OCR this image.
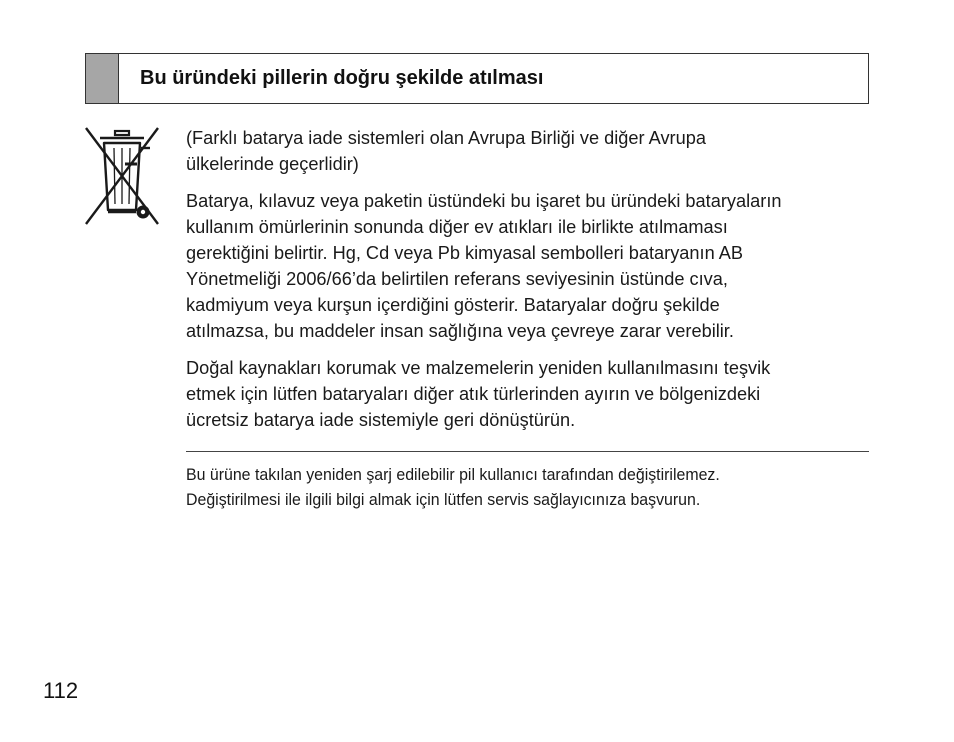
Bu üründeki pillerin doğru şekilde atılması

(Farklı batarya iade sistemleri olan Avrupa Birliği ve diğer Avrupa
ülkelerinde geçerlidir)

Batarya, kılavuz veya paketin üstündeki bu işaret bu üründeki bataryaların
kullanım ömürlerinin sonunda diğer ev atıkları ile birlikte atılmaması
gerektiğini belirtir. Hg, Cd veya Pb kimyasal sembolleri bataryanın AB
Yönetmeliği 2006/66’da belirtilen referans seviyesinin üstünde cıva,
kadmiyum veya kurşun içerdiğini gösterir. Bataryalar doğru şekilde
atılmazsa, bu maddeler insan sağlığına veya çevreye zarar verebilir.

Doğal kaynakları korumak ve malzemelerin yeniden kullanılmasını teşvik
etmek için lütfen bataryaları diğer atık türlerinden ayırın ve bölgenizdeki
ücretsiz batarya iade sistemiyle geri dönüştürün.

Bu ürüne takılan yeniden şarj edilebilir pil kullanıcı tarafından değiştirilemez.

Değiştirilmesi ile ilgili bilgi almak için lütfen servis sağlayıcınıza başvurun.

112
